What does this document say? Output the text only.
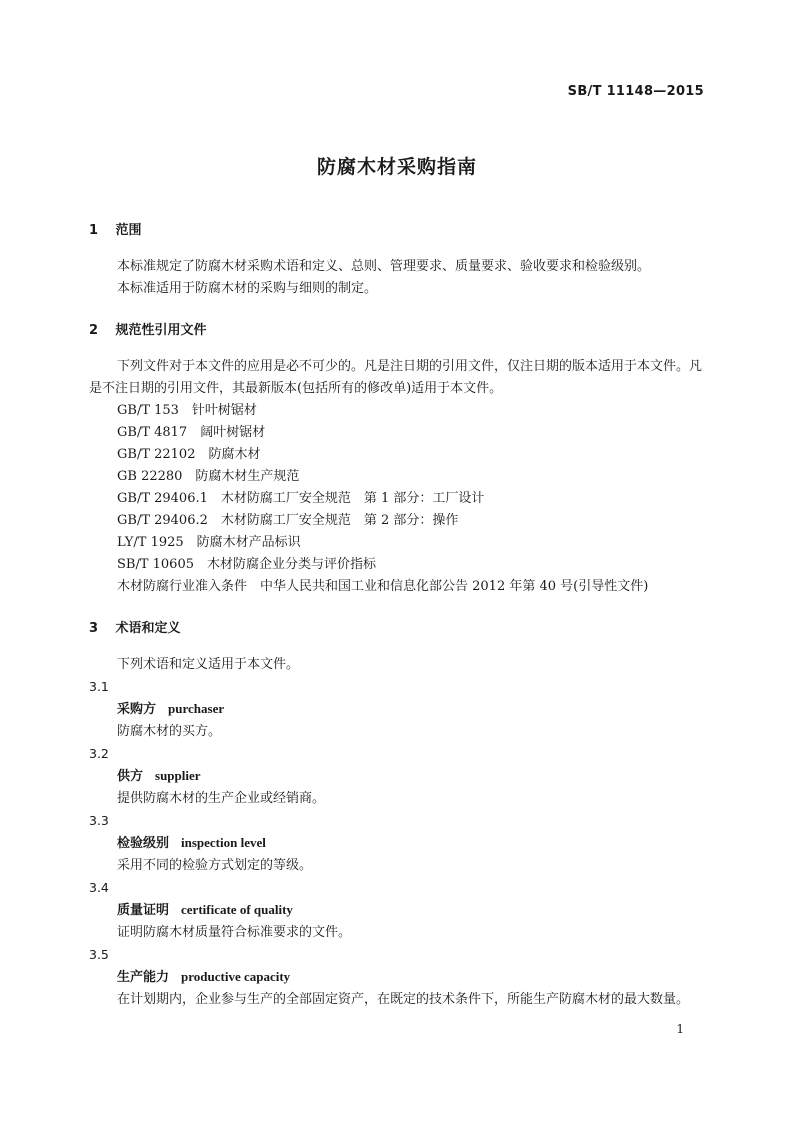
SB/T 11148—2015
防腐木材采购指南
1 范围
本标准规定了防腐木材采购术语和定义、总则、管理要求、质量要求、验收要求和检验级别。
本标准适用于防腐木材的采购与细则的制定。
2 规范性引用文件
下列文件对于本文件的应用是必不可少的。凡是注日期的引用文件，仅注日期的版本适用于本文件。凡是不注日期的引用文件，其最新版本(包括所有的修改单)适用于本文件。
GB/T 153　针叶树锯材
GB/T 4817　阔叶树锯材
GB/T 22102　防腐木材
GB 22280　防腐木材生产规范
GB/T 29406.1　木材防腐工厂安全规范　第 1 部分：工厂设计
GB/T 29406.2　木材防腐工厂安全规范　第 2 部分：操作
LY/T 1925　防腐木材产品标识
SB/T 10605　木材防腐企业分类与评价指标
木材防腐行业准入条件　中华人民共和国工业和信息化部公告 2012 年第 40 号(引导性文件)
3 术语和定义
下列术语和定义适用于本文件。
3.1
采购方 purchaser
防腐木材的买方。
3.2
供方 supplier
提供防腐木材的生产企业或经销商。
3.3
检验级别 inspection level
采用不同的检验方式划定的等级。
3.4
质量证明 certificate of quality
证明防腐木材质量符合标准要求的文件。
3.5
生产能力 productive capacity
在计划期内，企业参与生产的全部固定资产，在既定的技术条件下，所能生产防腐木材的最大数量。
1
